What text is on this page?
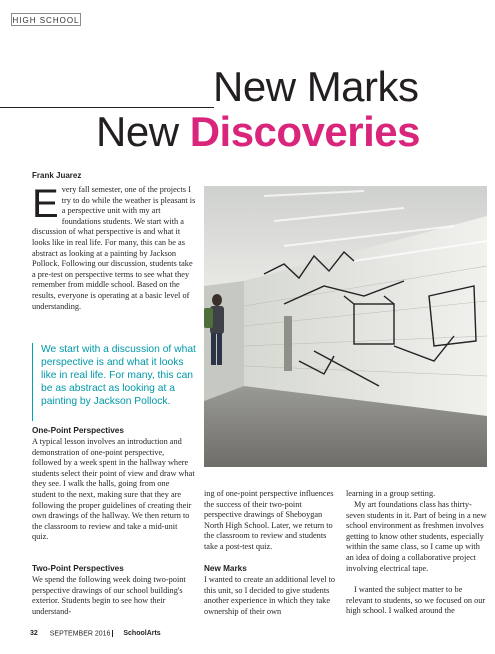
HIGH SCHOOL
New Marks
New Discoveries
Frank Juarez
Every fall semester, one of the projects I try to do while the weather is pleasant is a perspective unit with my art foundations students. We start with a discussion of what perspective is and what it looks like in real life. For many, this can be as abstract as looking at a painting by Jackson Pollock. Following our discussion, students take a pre-test on perspective terms to see what they remember from middle school. Based on the results, everyone is operating at a basic level of understanding.
We start with a discussion of what perspective is and what it looks like in real life. For many, this can be as abstract as looking at a painting by Jackson Pollock.
One-Point Perspectives
A typical lesson involves an introduction and demonstration of one-point perspective, followed by a week spent in the hallway where students select their point of view and draw what they see. I walk the halls, going from one student to the next, making sure that they are following the proper guidelines of creating their own drawings of the hallway. We then return to the classroom to review and take a mid-unit quiz.
Two-Point Perspectives
We spend the following week doing two-point perspective drawings of our school building's exterior. Students begin to see how their understand-
ing of one-point perspective influences the success of their two-point perspective drawings of Sheboygan North High School. Later, we return to the classroom to review and students take a post-test quiz.
New Marks
I wanted to create an additional level to this unit, so I decided to give students another experience in which they take ownership of their own
learning in a group setting.
My art foundations class has thirty-seven students in it. Part of being in a new school environment as freshmen involves getting to know other students, especially within the same class, so I came up with an idea of doing a collaborative project involving electrical tape.
I wanted the subject matter to be relevant to students, so we focused on our high school. I walked around the
32 SEPTEMBER 2016 SchoolArts
